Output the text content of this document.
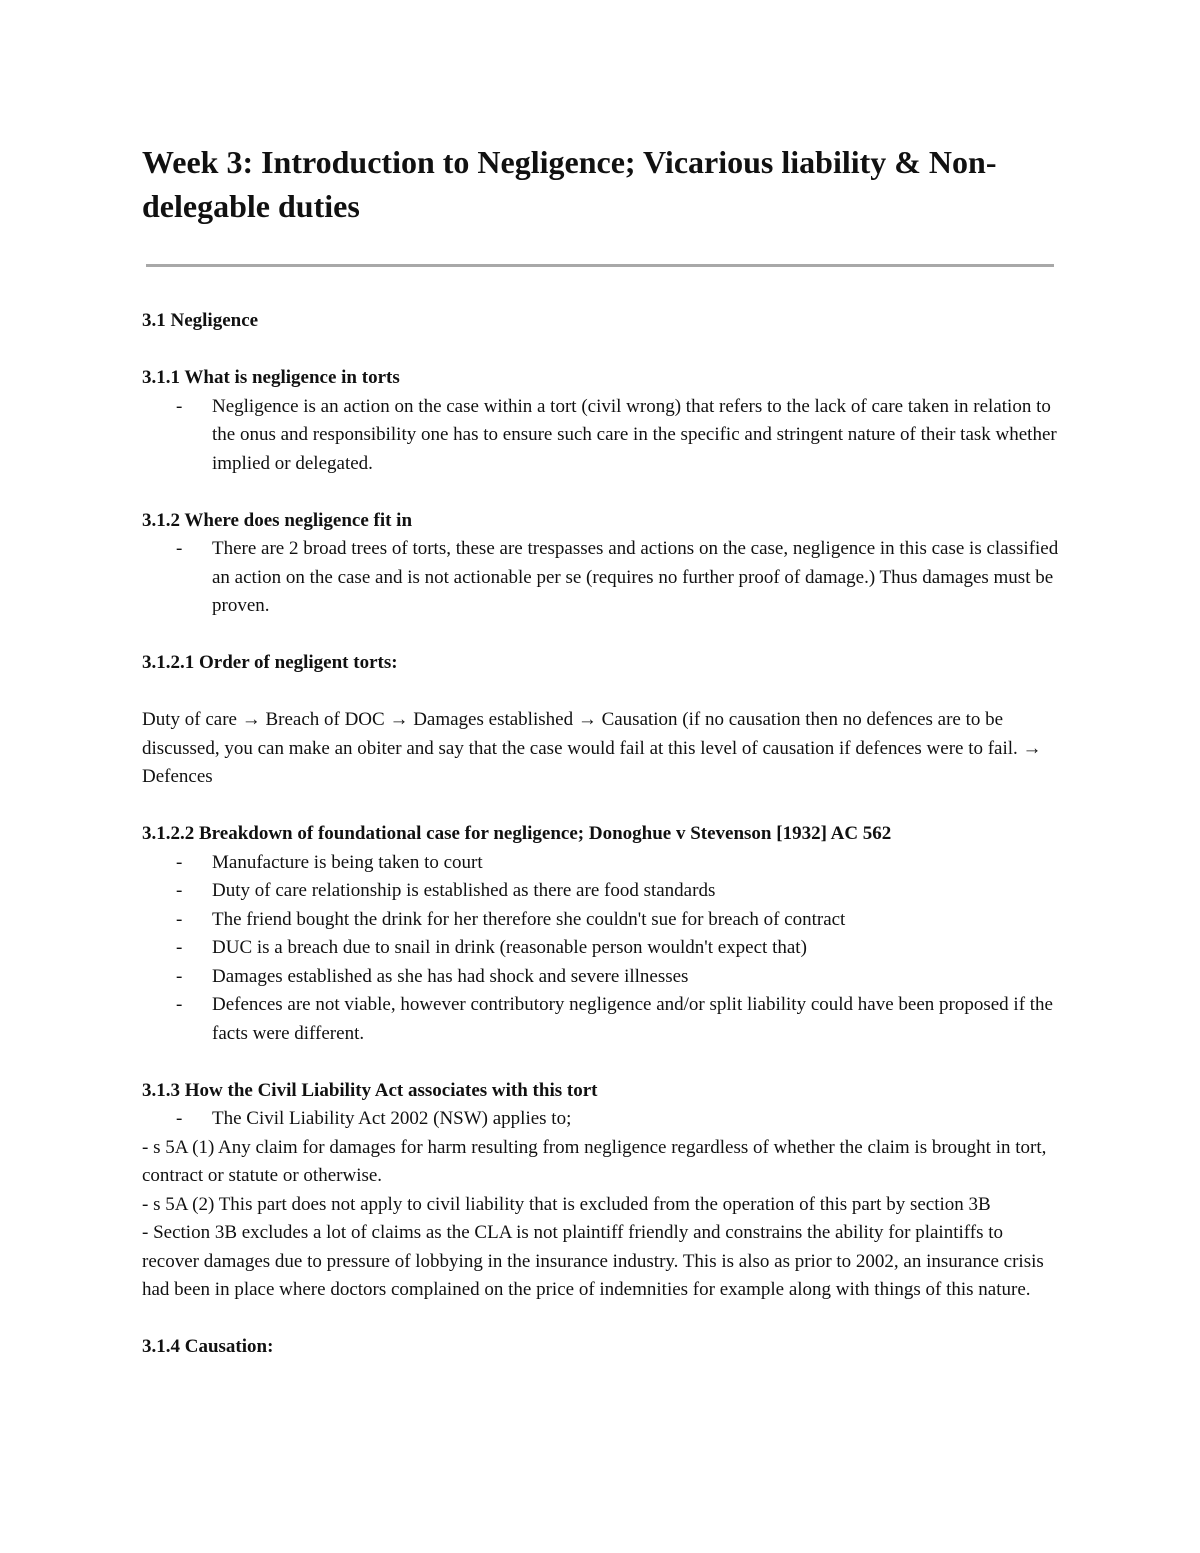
Week 3: Introduction to Negligence; Vicarious liability & Non-delegable duties

3.1 Negligence

3.1.1 What is negligence in torts

- Negligence is an action on the case within a tort (civil wrong) that refers to the lack of care taken in relation to the onus and responsibility one has to ensure such care in the specific and stringent nature of their task whether implied or delegated.

3.1.2 Where does negligence fit in

- There are 2 broad trees of torts, these are trespasses and actions on the case, negligence in this case is classified an action on the case and is not actionable per se (requires no further proof of damage.) Thus damages must be proven.

3.1.2.1 Order of negligent torts:

Duty of care → Breach of DOC → Damages established → Causation (if no causation then no defences are to be discussed, you can make an obiter and say that the case would fail at this level of causation if defences were to fail. → Defences

3.1.2.2 Breakdown of foundational case for negligence; Donoghue v Stevenson [1932] AC 562

- Manufacture is being taken to court
- Duty of care relationship is established as there are food standards
- The friend bought the drink for her therefore she couldn't sue for breach of contract
- DUC is a breach due to snail in drink (reasonable person wouldn't expect that)
- Damages established as she has had shock and severe illnesses
- Defences are not viable, however contributory negligence and/or split liability could have been proposed if the facts were different.

3.1.3 How the Civil Liability Act associates with this tort

- The Civil Liability Act 2002 (NSW) applies to;

- s 5A (1) Any claim for damages for harm resulting from negligence regardless of whether the claim is brought in tort, contract or statute or otherwise.

- s 5A (2) This part does not apply to civil liability that is excluded from the operation of this part by section 3B

- Section 3B excludes a lot of claims as the CLA is not plaintiff friendly and constrains the ability for plaintiffs to recover damages due to pressure of lobbying in the insurance industry. This is also as prior to 2002, an insurance crisis had been in place where doctors complained on the price of indemnities for example along with things of this nature.

3.1.4 Causation:
